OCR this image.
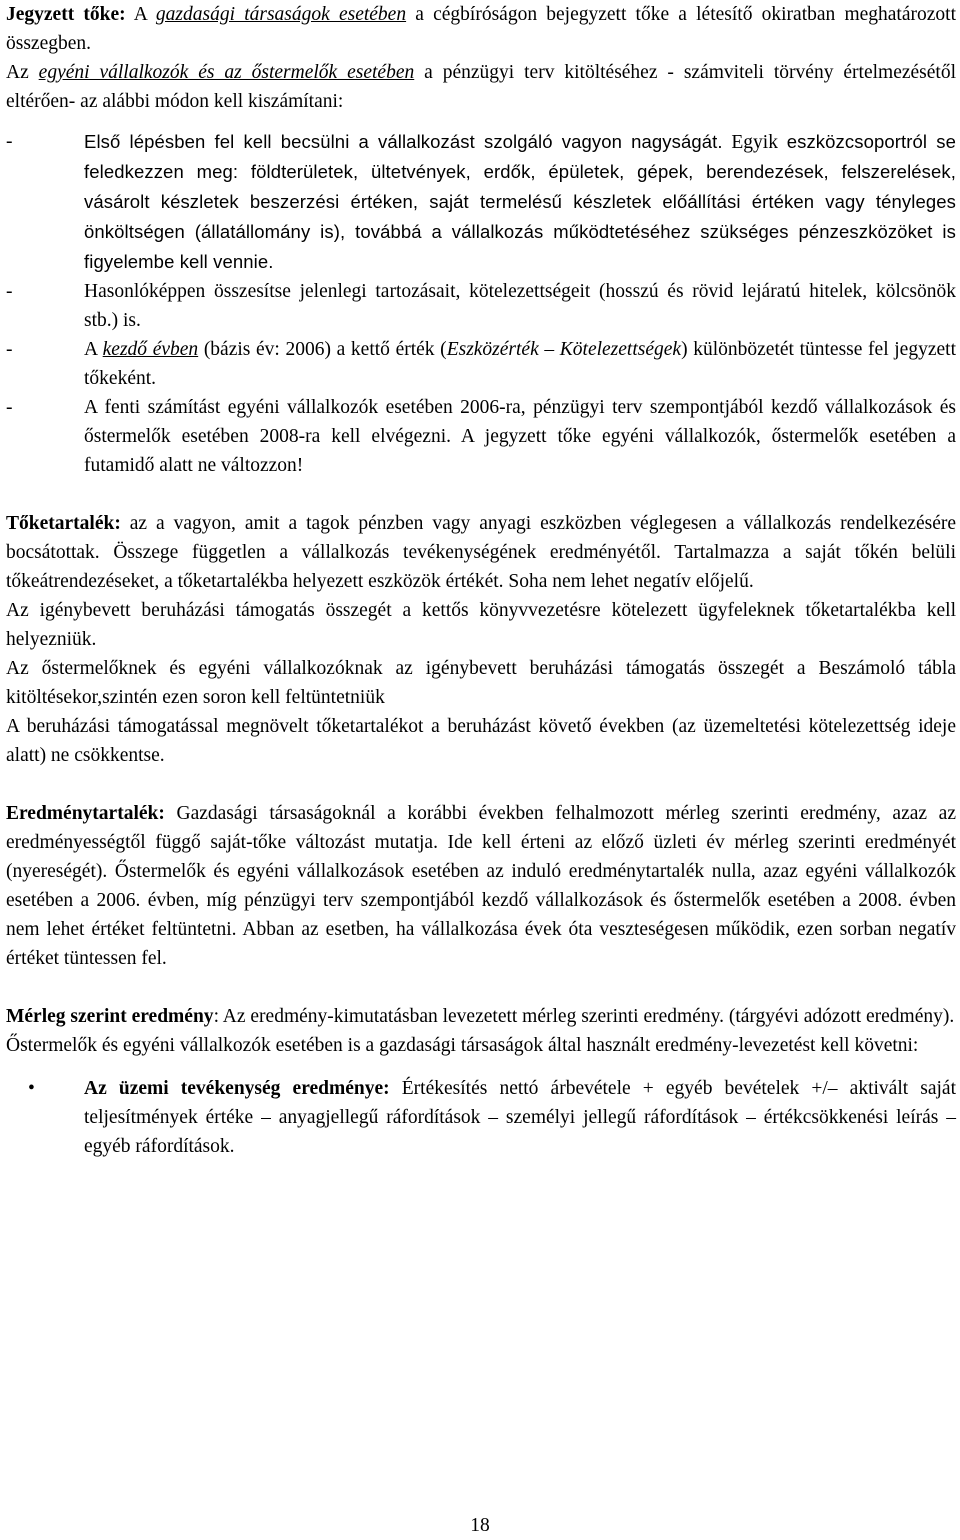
Jegyzett tőke: A gazdasági társaságok esetében a cégbíróságon bejegyzett tőke a létesítő okiratban meghatározott összegben.

Az egyéni vállalkozók és az őstermelők esetében a pénzügyi terv kitöltéséhez - számviteli törvény értelmezésétől eltérően- az alábbi módon kell kiszámítani:

-	Első lépésben fel kell becsülni a vállalkozást szolgáló vagyon nagyságát. Egyik eszközcsoportról se feledkezzen meg: földterületek, ültetvények, erdők, épületek, gépek, berendezések, felszerelések, vásárolt készletek beszerzési értéken, saját termelésű készletek előállítási értéken vagy tényleges önköltségen (állatállomány is), továbbá a vállalkozás működtetéséhez szükséges pénzeszközöket is figyelembe kell vennie.
-	Hasonlóképpen összesítse jelenlegi tartozásait, kötelezettségeit (hosszú és rövid lejáratú hitelek, kölcsönök stb.) is.
-	A kezdő évben (bázis év: 2006) a kettő érték (Eszközérték – Kötelezettségek) különbözetét tüntesse fel jegyzett tőkeként.
-	A fenti számítást egyéni vállalkozók esetében 2006-ra, pénzügyi terv szempontjából kezdő vállalkozások és őstermelők esetében 2008-ra kell elvégezni. A jegyzett tőke egyéni vállalkozók, őstermelők esetében a futamidő alatt ne változzon!

Tőketartalék: az a vagyon, amit a tagok pénzben vagy anyagi eszközben véglegesen a vállalkozás rendelkezésére bocsátottak. Összege független a vállalkozás tevékenységének eredményétől. Tartalmazza a saját tőkén belüli tőkeátrendezéseket, a tőketartalékba helyezett eszközök értékét. Soha nem lehet negatív előjelű.

Az igénybevett beruházási támogatás összegét a kettős könyvvezetésre kötelezett ügyfeleknek tőketartalékba kell helyezniük.

Az őstermelőknek és egyéni vállalkozóknak az igénybevett beruházási támogatás összegét a Beszámoló tábla kitöltésekor,szintén ezen soron kell feltüntetniük

A beruházási támogatással megnövelt tőketartalékot a beruházást követő években (az üzemeltetési kötelezettség ideje alatt) ne csökkentse.

Eredménytartalék: Gazdasági társaságoknál a korábbi években felhalmozott mérleg szerinti eredmény, azaz az eredményességtől függő saját-tőke változást mutatja. Ide kell érteni az előző üzleti év mérleg szerinti eredményét (nyereségét). Őstermelők és egyéni vállalkozások esetében az induló eredménytartalék nulla, azaz egyéni vállalkozók esetében a 2006. évben, míg pénzügyi terv szempontjából kezdő vállalkozások és őstermelők esetében a 2008. évben nem lehet értéket feltüntetni. Abban az esetben, ha vállalkozása évek óta veszteségesen működik, ezen sorban negatív értéket tüntessen fel.

Mérleg szerint eredmény: Az eredmény-kimutatásban levezetett mérleg szerinti eredmény. (tárgyévi adózott eredmény).

Őstermelők és egyéni vállalkozók esetében is a gazdasági társaságok által használt eredmény-levezetést kell követni:

•	Az üzemi tevékenység eredménye: Értékesítés nettó árbevétele + egyéb bevételek +/– aktivált saját teljesítmények értéke – anyagjellegű ráfordítások – személyi jellegű ráfordítások – értékcsökkenési leírás – egyéb ráfordítások.
18
